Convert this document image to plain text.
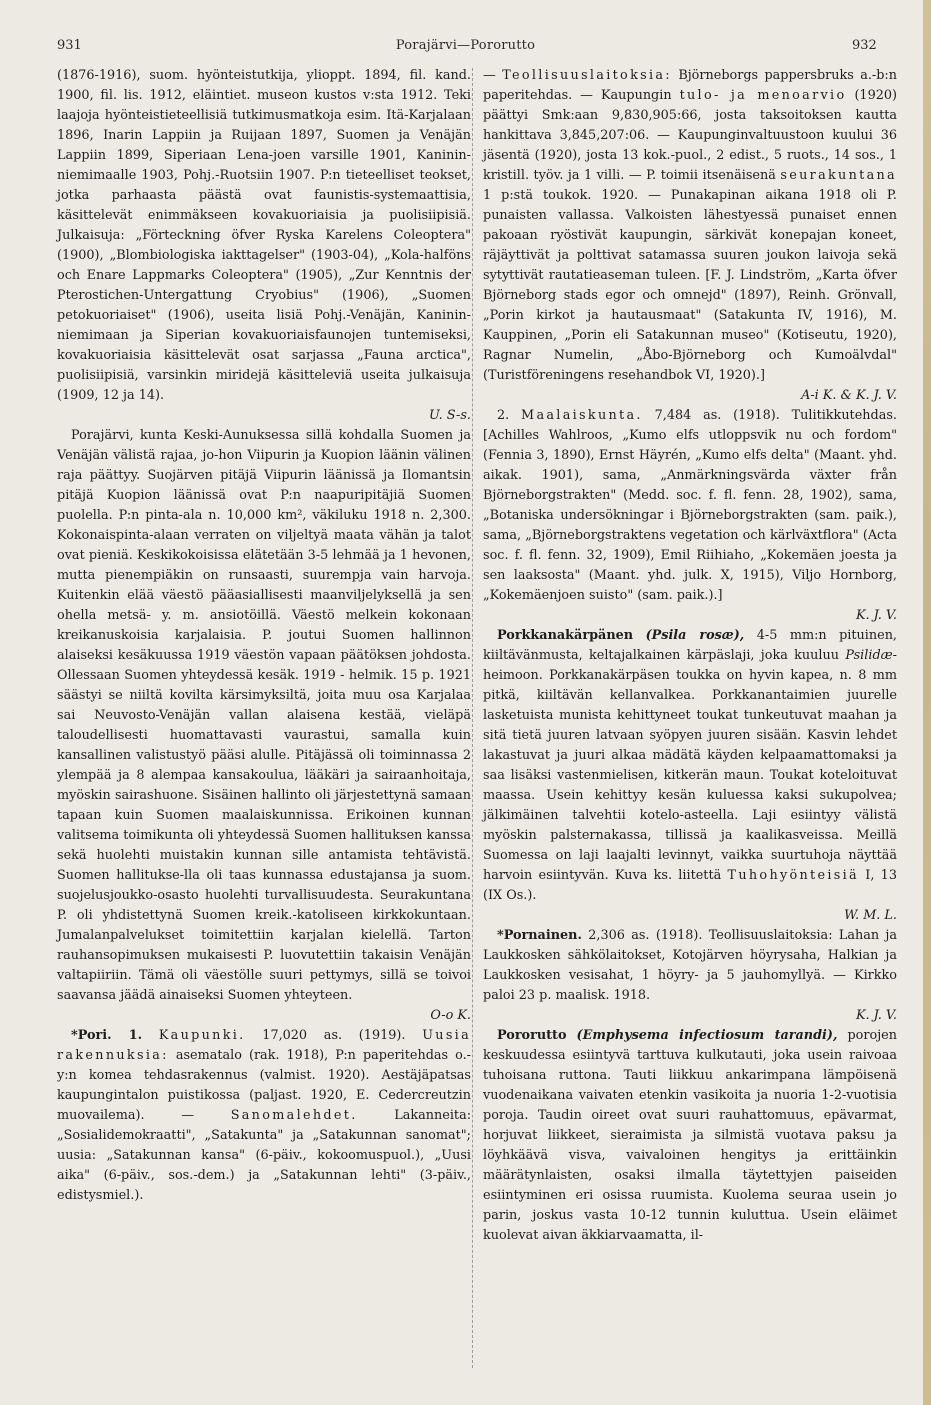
931	Porajärvi—Pororutto	932

(1876-1916), suom. hyönteistutkija, ylioppt. 1894, fil. kand. 1900, fil. lis. 1912, eläintiet. museon kustos v:sta 1912. Teki laajoja hyönteistieteellisiä tutkimusmatkoja esim. Itä-Karjalaan 1896, Inarin Lappiin ja Ruijaan 1897, Suomen ja Venäjän Lappiin 1899, Siperiaan Lena-joen varsille 1901, Kaninin-niemimaalle 1903, Pohj.-Ruotsiin 1907. P:n tieteelliset teokset, jotka parhaasta päästä ovat faunistis-systemaattisia, käsittelevät enimmäkseen kovakuoriaisia ja puolisiipisiä. Julkaisuja: „Förteckning öfver Ryska Karelens Coleoptera" (1900), „Blombiologiska iakttagelser" (1903-04), „Kola-halföns och Enare Lappmarks Coleoptera" (1905), „Zur Kenntnis der Pterostichen-Untergattung Cryobius" (1906), „Suomen petokuoriaiset" (1906), useita lisiä Pohj.-Venäjän, Kaninin-niemimaan ja Siperian kovakuoriaisfaunojen tuntemiseksi, kovakuoriaisia käsittelevät osat sarjassa „Fauna arctica", puolisiipisiä, varsinkin miridejä käsitteleviä useita julkaisuja (1909, 12 ja 14).

U. S-s.

Porajärvi, kunta Keski-Aunuksessa sillä kohdalla Suomen ja Venäjän välistä rajaa, jo-hon Viipurin ja Kuopion läänin välinen raja päättyy. Suojärven pitäjä Viipurin läänissä ja Ilomantsin pitäjä Kuopion läänissä ovat P:n naapuripitäjiä Suomen puolella. P:n pinta-ala n. 10,000 km², väkiluku 1918 n. 2,300. Kokonaispinta-alaan verraten on viljeltyä maata vähän ja talot ovat pieniä. Keskikokoisissa elätetään 3-5 lehmää ja 1 hevonen, mutta pienempiäkin on runsaasti, suurempja vain harvoja. Kuitenkin elää väestö pääasiallisesti maanviljelyksellä ja sen ohella metsä- y. m. ansiotöillä. Väestö melkein kokonaan kreikanuskoisia karjalaisia. P. joutui Suomen hallinnon alaiseksi kesäkuussa 1919 väestön vapaan päätöksen johdosta. Ollessaan Suomen yhteydessä kesäk. 1919 - helmik. 15 p. 1921 säästyi se niiltä kovilta kärsimyksiltä, joita muu osa Karjalaa sai Neuvosto-Venäjän vallan alaisena kestää, vieläpä taloudellisesti huomattavasti vaurastui, samalla kuin kansallinen valistustyö pääsi alulle. Pitäjässä oli toiminnassa 2 ylempää ja 8 alempaa kansakoulua, lääkäri ja sairaanhoitaja, myöskin sairashuone. Sisäinen hallinto oli järjestettynä samaan tapaan kuin Suomen maalaiskunnissa. Erikoinen kunnan valitsema toimikunta oli yhteydessä Suomen hallituksen kanssa sekä huolehti muistakin kunnan sille antamista tehtävistä. Suomen hallitukse-lla oli taas kunnassa edustajansa ja suom. suojelusjoukko-osasto huolehti turvallisuudesta. Seurakuntana P. oli yhdistettynä Suomen kreik.-katoliseen kirkkokuntaan. Jumalanpalvelukset toimitettiin karjalan kielellä. Tarton rauhansopimuksen mukaisesti P. luovutettiin takaisin Venäjän valtapiiriin. Tämä oli väestölle suuri pettymys, sillä se toivoi saavansa jäädä ainaiseksi Suomen yhteyteen.

O-o K.

*Pori. 1. Kaupunki. 17,020 as. (1919). Uusia rakennuksia: asematalo (rak. 1918), P:n paperitehdas o.-y:n komea tehdasrakennus (valmist. 1920). Aestäjäpatsas kaupungintalon puistikossa (paljast. 1920, E. Cedercreutzin muovailema). —	Sanomalehdet.	Lakanneita: „Sosialidemokraatti", „Satakunta" ja „Satakunnan sanomat"; uusia: „Satakunnan kansa" (6-päiv., kokoomuspuol.), „Uusi aika" (6-päiv., sos.-dem.) ja „Satakunnan lehti" (3-päiv., edistysmiel.).

— Teollisuuslaitoksia: Björneborgs pappersbruks a.-b:n paperitehdas. — Kaupungin tulo- ja menoarvio (1920) päättyi Smk:aan 9,830,905:66, josta taksoitoksen kautta hankittava 3,845,207:06. — Kaupunginvaltuustoon kuului 36 jäsentä (1920), josta 13 kok.-puol., 2 edist., 5 ruots., 14 sos., 1 kristill. työv. ja 1 villi. — P. toimii itsenäisenä seurakuntana 1 p:stä toukok. 1920. — Punakapinan aikana 1918 oli P. punaisten vallassa. Valkoisten lähestyessä punaiset ennen pakoaan ryöstivät kaupungin, särkivät konepajan koneet, räjäyttivät ja polttivat satamassa suuren joukon laivoja sekä sytyttivät rautatieaseman tuleen. [F. J. Lindström, „Karta öfver Björneborg stads egor och omnejd" (1897), Reinh. Grönvall, „Porin kirkot ja hautausmaat" (Satakunta IV, 1916), M. Kauppinen, „Porin eli Satakunnan museo" (Kotiseutu, 1920), Ragnar Numelin, „Åbo-Björneborg och Kumoälvdal" (Turistföreningens resehandbok VI, 1920).]

A-i K. & K. J. V.

2. Maalaiskunta. 7,484 as. (1918). Tulitikkutehdas. [Achilles Wahlroos, „Kumo elfs utloppsvik nu och fordom" (Fennia 3, 1890), Ernst Häyrén, „Kumo elfs delta" (Maant. yhd. aikak. 1901), sama, „Anmärkningsvärda växter från Björneborgstrakten" (Medd. soc. f. fl. fenn. 28, 1902), sama, „Botaniska undersökningar i Björneborgstrakten (sam. paik.), sama, „Björneborgstraktens vegetation och kärlväxtflora" (Acta soc. f. fl. fenn. 32, 1909), Emil Riihiaho, „Kokemäen joesta ja sen laaksosta" (Maant. yhd. julk. X, 1915), Viljo Hornborg, „Kokemäenjoen suisto" (sam. paik.).]

K. J. V.

Porkkanakärpänen (Psila rosæ), 4-5 mm:n pituinen, kiiltävänmusta, keltajalkainen kärpäslaji, joka kuuluu Psilidæ-heimoon. Porkkanakärpäsen toukka on hyvin kapea, n. 8 mm pitkä, kiiltävän kellanvalkea. Porkkanantaimien juurelle lasketuista munista kehittyneet toukat tunkeutuvat maahan ja sitä tietä juuren latvaan syöpyen juuren sisään. Kasvin lehdet lakastuvat ja juuri alkaa mädätä käyden kelpaamattomaksi ja saa lisäksi vastenmielisen, kitkerän maun. Toukat koteloituvat maassa. Usein kehittyy kesän kuluessa kaksi sukupolvea; jälkimäinen talvehtii kotelo-asteella. Laji esiintyy välistä myöskin palsternakassa, tillissä ja kaalikasveissa. Meillä Suomessa on laji laajalti levinnyt, vaikka suurtuhoja näyttää harvoin esiintyvän. Kuva ks. liitettä Tuhohyönteisiä I, 13 (IX Os.).

W. M. L.

*Pornainen. 2,306 as. (1918). Teollisuuslaitoksia: Lahan ja Laukkosken sähkölaitokset, Kotojärven höyrysaha, Halkian ja Laukkosken vesisahat, 1 höyry- ja 5 jauhomyllyä. — Kirkko paloi 23 p. maalisk. 1918.

K. J. V.

Pororutto (Emphysema infectiosum tarandi), porojen keskuudessa esiintyvä tarttuva kulkutauti, joka usein raivoaa tuhoisana ruttona. Tauti liikkuu ankarimpana lämpöisenä vuodenaikana vaivaten etenkin vasikoita ja nuoria 1-2-vuotisia poroja. Taudin oireet ovat suuri rauhattomuus, epävarmat, horjuvat liikkeet, sieraimista ja silmistä vuotava paksu ja löyhkäävä visva, vaivaloinen hengitys ja erittäinkin määrätynlaisten, osaksi ilmalla täytettyjen paiseiden esiintyminen eri osissa ruumista. Kuolema seuraa usein jo parin, joskus vasta 10-12 tunnin kuluttua. Usein eläimet kuolevat aivan äkkiarvaamatta, il-
